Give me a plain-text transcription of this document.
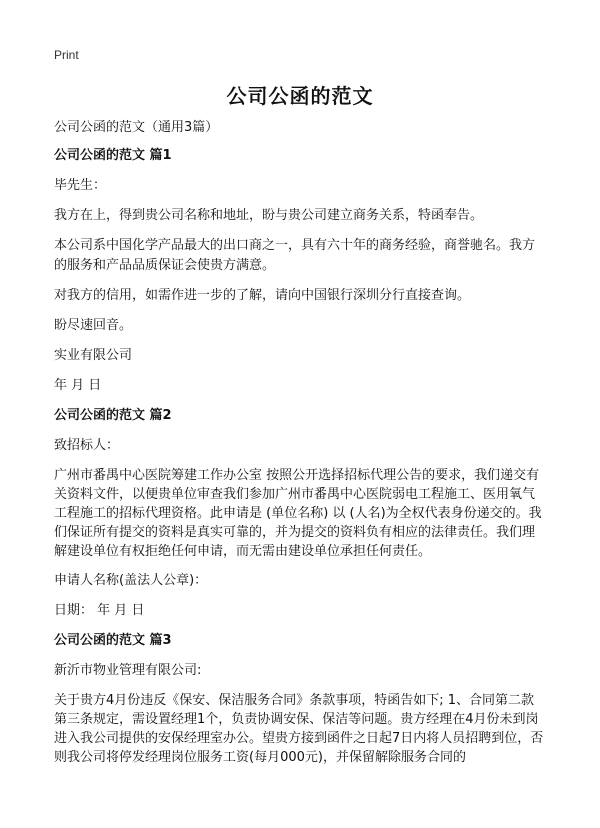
Print
公司公函的范文

公司公函的范文（通用3篇）

公司公函的范文 篇1

毕先生：

我方在上，得到贵公司名称和地址，盼与贵公司建立商务关系，特函奉告。

本公司系中国化学产品最大的出口商之一，具有六十年的商务经验，商誉驰名。我方的服务和产品品质保证会使贵方满意。

对我方的信用，如需作进一步的了解，请向中国银行深圳分行直接查询。

盼尽速回音。

实业有限公司

年 月 日

公司公函的范文 篇2

致招标人：

广州市番禺中心医院筹建工作办公室 按照公开选择招标代理公告的要求，我们递交有关资料文件，以便贵单位审查我们参加广州市番禺中心医院弱电工程施工、医用氧气工程施工的招标代理资格。此申请是 (单位名称) 以 (人名)为全权代表身份递交的。我们保证所有提交的资料是真实可靠的，并为提交的资料负有相应的法律责任。我们理解建设单位有权拒绝任何申请，而无需由建设单位承担任何责任。

申请人名称(盖法人公章)：

日期： 年 月 日

公司公函的范文 篇3

新沂市物业管理有限公司:

关于贵方4月份违反《保安、保洁服务合同》条款事项，特函告如下; 1、合同第二款第三条规定，需设置经理1个，负责协调安保、保洁等问题。贵方经理在4月份未到岗进入我公司提供的安保经理室办公。望贵方接到函件之日起7日内将人员招聘到位，否则我公司将停发经理岗位服务工资(每月000元)，并保留解除服务合同的
